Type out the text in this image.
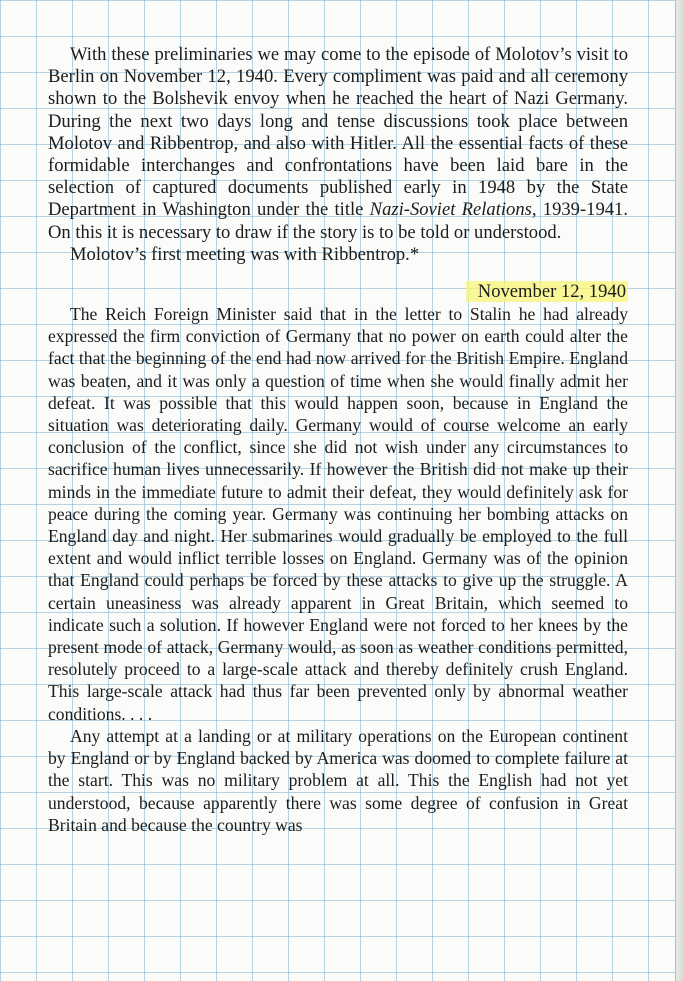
With these preliminaries we may come to the episode of Molotov’s visit to Berlin on November 12, 1940. Every compliment was paid and all ceremony shown to the Bolshevik envoy when he reached the heart of Nazi Germany. During the next two days long and tense discussions took place between Molotov and Ribbentrop, and also with Hitler. All the essential facts of these formidable interchanges and confrontations have been laid bare in the selection of captured documents published early in 1948 by the State Department in Washington under the title Nazi-Soviet Relations, 1939-1941. On this it is necessary to draw if the story is to be told or understood.

Molotov’s first meeting was with Ribbentrop.*

November 12, 1940

The Reich Foreign Minister said that in the letter to Stalin he had already expressed the firm conviction of Germany that no power on earth could alter the fact that the beginning of the end had now arrived for the British Empire. England was beaten, and it was only a question of time when she would finally admit her defeat. It was possible that this would happen soon, because in England the situation was deteriorating daily. Germany would of course welcome an early conclusion of the conflict, since she did not wish under any circumstances to sacrifice human lives unnecessarily. If however the British did not make up their minds in the immediate future to admit their defeat, they would definitely ask for peace during the coming year. Germany was continuing her bombing attacks on England day and night. Her submarines would gradually be employed to the full extent and would inflict terrible losses on England. Germany was of the opinion that England could perhaps be forced by these attacks to give up the struggle. A certain uneasiness was already apparent in Great Britain, which seemed to indicate such a solution. If however England were not forced to her knees by the present mode of attack, Germany would, as soon as weather conditions permitted, resolutely proceed to a large-scale attack and thereby definitely crush England. This large-scale attack had thus far been prevented only by abnormal weather conditions. . . .

Any attempt at a landing or at military operations on the European continent by England or by England backed by America was doomed to complete failure at the start. This was no military problem at all. This the English had not yet understood, because apparently there was some degree of confusion in Great Britain and because the country was
